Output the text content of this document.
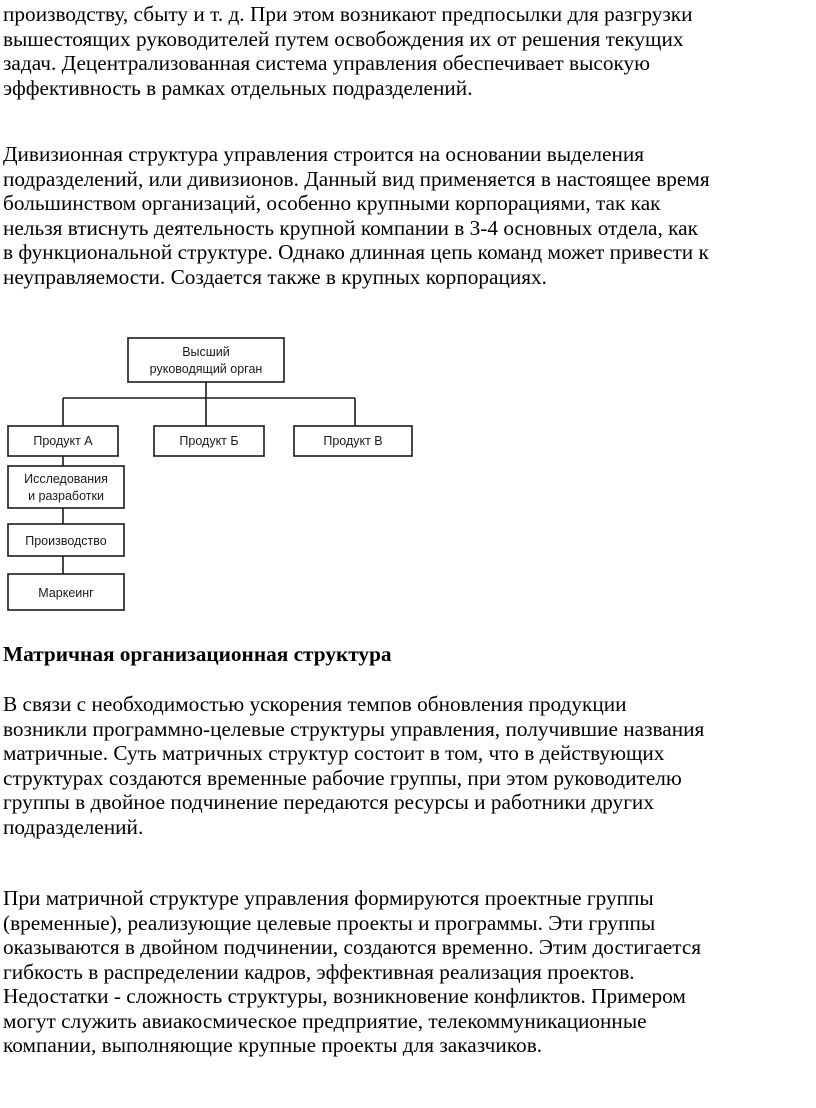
производству, сбыту и т. д. При этом возникают предпосылки для разгрузки
вышестоящих руководителей путем освобождения их от решения текущих
задач. Децентрализованная система управления обеспечивает высокую
эффективность в рамках отдельных подразделений.

Дивизионная структура управления строится на основании выделения
подразделений, или дивизионов. Данный вид применяется в настоящее время
большинством организаций, особенно крупными корпорациями, так как
нельзя втиснуть деятельность крупной компании в 3-4 основных отдела, как
в функциональной структуре. Однако длинная цепь команд может привести к
неуправляемости. Создается также в крупных корпорациях.

Высший
руководящий орган
Продукт А	Продукт Б	Продукт В
Исследования
и разработки
Производство
Маркеинг
Матричная организационная структура

В связи с необходимостью ускорения темпов обновления продукции
возникли программно-целевые структуры управления, получившие названия
матричные. Суть матричных структур состоит в том, что в действующих
структурах создаются временные рабочие группы, при этом руководителю
группы в двойное подчинение передаются ресурсы и работники других
подразделений.

При матричной структуре управления формируются проектные группы
(временные), реализующие целевые проекты и программы. Эти группы
оказываются в двойном подчинении, создаются временно. Этим достигается
гибкость в распределении кадров, эффективная реализация проектов.
Недостатки - сложность структуры, возникновение конфликтов. Примером
могут служить авиакосмическое предприятие, телекоммуникационные
компании, выполняющие крупные проекты для заказчиков.
